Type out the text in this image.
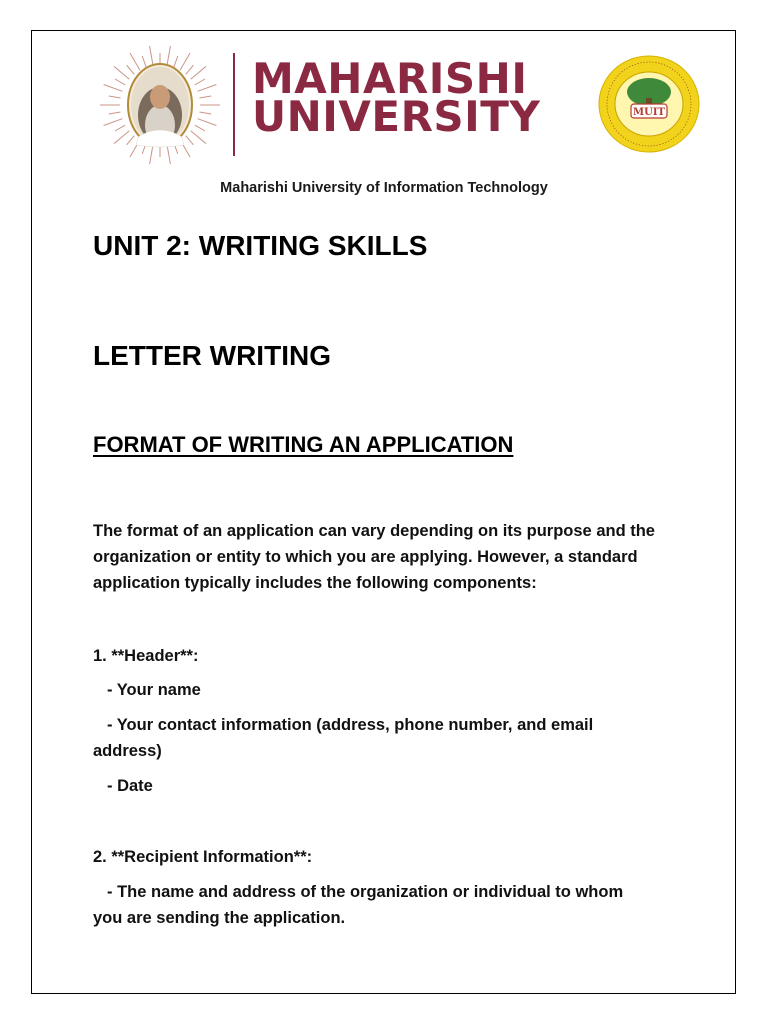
MAHARISHI
UNIVERSITY	MUIT
Maharishi University of Information Technology
UNIT 2: WRITING SKILLS
LETTER WRITING
FORMAT OF WRITING AN APPLICATION
The format of an application can vary depending on its purpose and the organization or entity to which you are applying. However, a standard application typically includes the following components:
1. **Header**:
- Your name
- Your contact information (address, phone number, and email
address)
- Date
2. **Recipient Information**:
- The name and address of the organization or individual to whom
you are sending the application.
